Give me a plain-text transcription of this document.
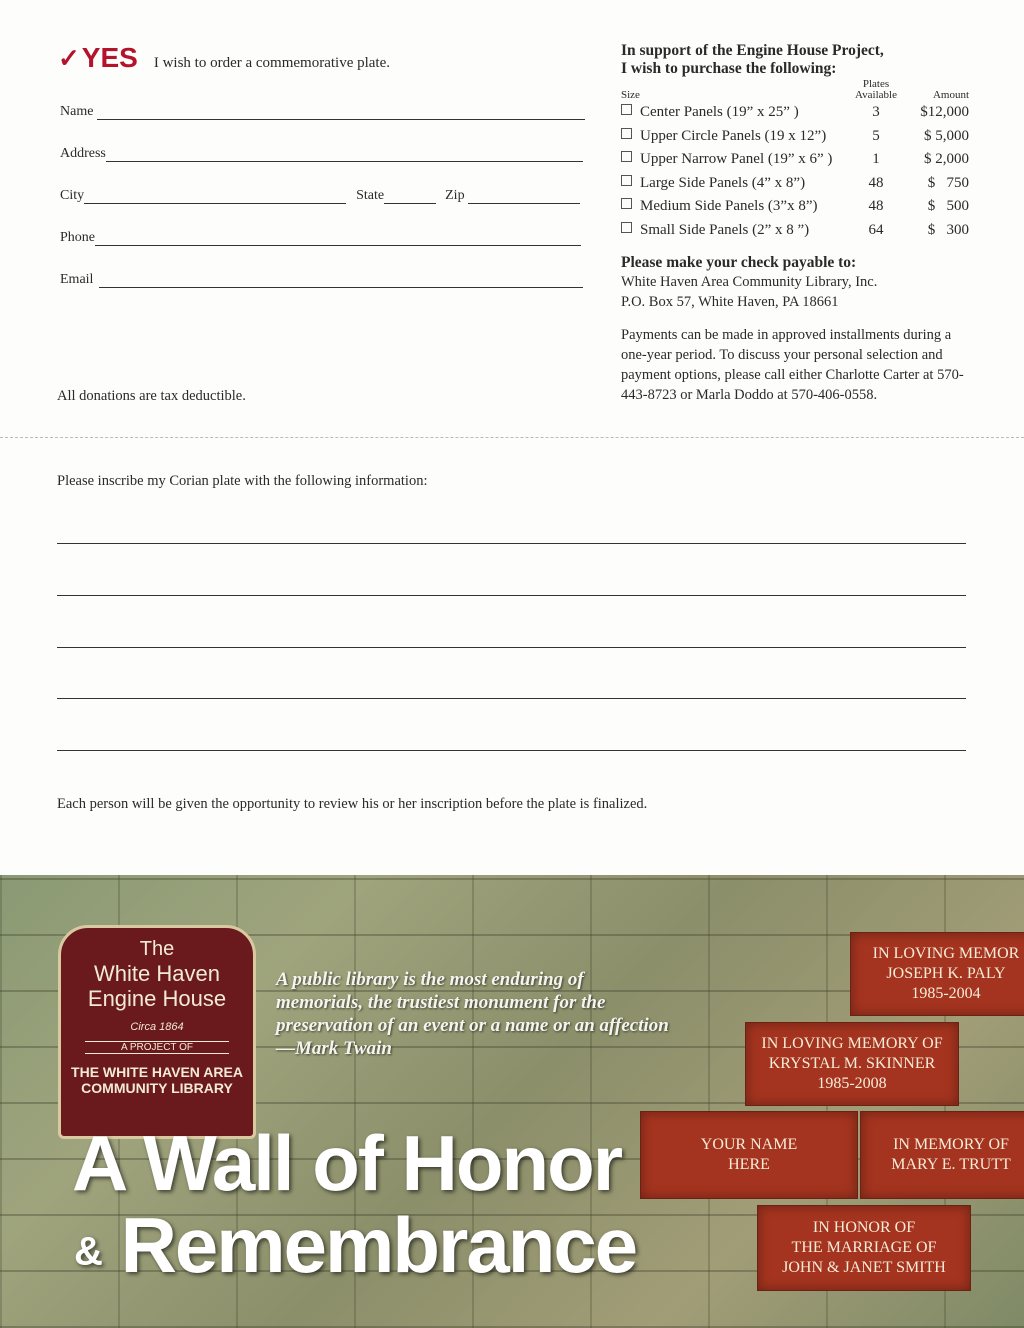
✓YES I wish to order a commemorative plate.
Name
Address
City	State	Zip
Phone
Email
All donations are tax deductible.
In support of the Engine House Project,
I wish to purchase the following:
Size
Plates
Available	Amount
Center Panels (19” x 25” )	3	$12,000
Upper Circle Panels (19 x 12”)	5	$ 5,000
Upper Narrow Panel (19” x 6” )	1	$ 2,000
Large Side Panels (4” x 8”)	48	$   750
Medium Side Panels (3”x 8”)	48	$   500
Small Side Panels (2” x 8 ”)	64	$   300
Please make your check payable to:
White Haven Area Community Library, Inc.
P.O. Box 57, White Haven, PA 18661
Payments can be made in approved installments during a one-year period. To discuss your personal selection and payment options, please call either Charlotte Carter at 570-443-8723 or Marla Doddo at 570-406-0558.
Please inscribe my Corian plate with the following information:
Each person will be given the opportunity to review his or her inscription before the plate is finalized.
The
White Haven
Engine House
Circa 1864
A PROJECT OF
THE WHITE HAVEN AREA
COMMUNITY LIBRARY
A public library is the most enduring of memorials, the trustiest monument for the preservation of an event or a name or an affection —Mark Twain
IN LOVING MEMOR
JOSEPH K. PALY
1985-2004
IN LOVING MEMORY OF
KRYSTAL M. SKINNER
1985-2008
YOUR NAME
HERE
IN MEMORY OF
MARY E. TRUTT
IN HONOR OF
THE MARRIAGE OF
JOHN & JANET SMITH
A Wall of Honor
& Remembrance
